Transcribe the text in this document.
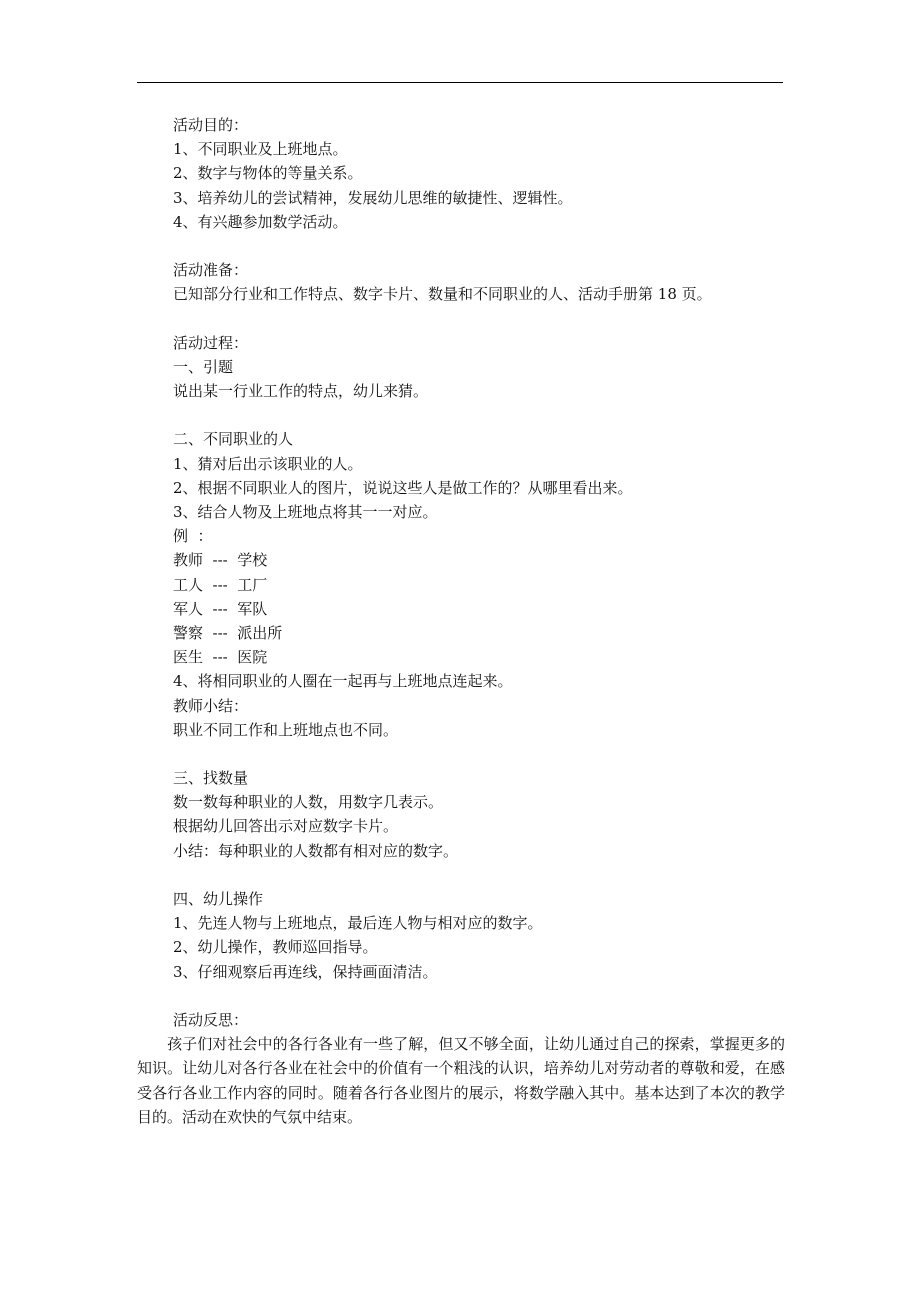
活动目的：
1、不同职业及上班地点。
2、数字与物体的等量关系。
3、培养幼儿的尝试精神，发展幼儿思维的敏捷性、逻辑性。
4、有兴趣参加数学活动。
活动准备：
已知部分行业和工作特点、数字卡片、数量和不同职业的人、活动手册第 18 页。
活动过程：
一、引题
说出某一行业工作的特点，幼儿来猜。
二、不同职业的人
1、猜对后出示该职业的人。
2、根据不同职业人的图片，说说这些人是做工作的？从哪里看出来。
3、结合人物及上班地点将其一一对应。
例  ：
教师  ---  学校
工人  ---  工厂
军人  ---  军队
警察  ---  派出所
医生  ---  医院
4、将相同职业的人圈在一起再与上班地点连起来。
教师小结：
职业不同工作和上班地点也不同。
三、找数量
数一数每种职业的人数，用数字几表示。
根据幼儿回答出示对应数字卡片。
小结：每种职业的人数都有相对应的数字。
四、幼儿操作
1、先连人物与上班地点，最后连人物与相对应的数字。
2、幼儿操作，教师巡回指导。
3、仔细观察后再连线，保持画面清洁。
活动反思：
孩子们对社会中的各行各业有一些了解，但又不够全面，让幼儿通过自己的探索，掌握更多的知识。让幼儿对各行各业在社会中的价值有一个粗浅的认识，培养幼儿对劳动者的尊敬和爱，在感受各行各业工作内容的同时。随着各行各业图片的展示，将数学融入其中。基本达到了本次的教学目的。活动在欢快的气氛中结束。
